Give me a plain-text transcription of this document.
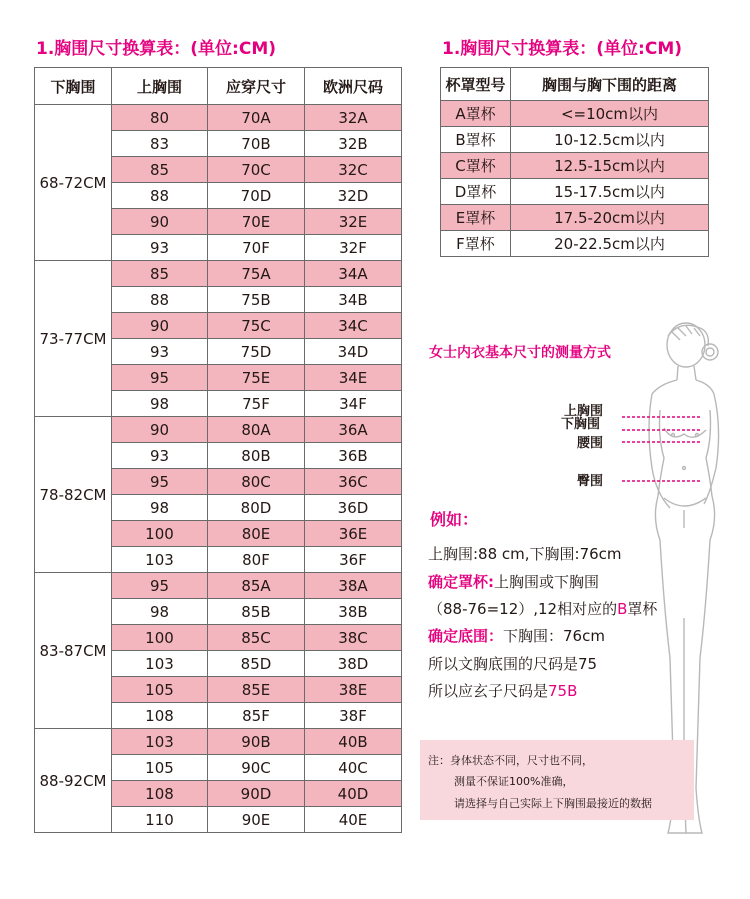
1.胸围尺寸换算表：(单位:CM)	1.胸围尺寸换算表：(单位:CM)
下胸围	上胸围	应穿尺寸	欧洲尺码
68-72CM	80	70A	32A
	83	70B	32B
	85	70C	32C
	88	70D	32D
	90	70E	32E
	93	70F	32F
73-77CM	85	75A	34A
	88	75B	34B
	90	75C	34C
	93	75D	34D
	95	75E	34E
	98	75F	34F
78-82CM	90	80A	36A
	93	80B	36B
	95	80C	36C
	98	80D	36D
	100	80E	36E
	103	80F	36F
83-87CM	95	85A	38A
	98	85B	38B
	100	85C	38C
	103	85D	38D
	105	85E	38E
	108	85F	38F
88-92CM	103	90B	40B
	105	90C	40C
	108	90D	40D
	110	90E	40E
杯罩型号	胸围与胸下围的距离
A罩杯	<=10cm以内
B罩杯	10-12.5cm以内
C罩杯	12.5-15cm以内
D罩杯	15-17.5cm以内
E罩杯	17.5-20cm以内
F罩杯	20-22.5cm以内
女士内衣基本尺寸的测量方式
上胸围
下胸围
腰围
臀围
例如：
上胸围:88 cm,下胸围:76cm
确定罩杯:上胸围或下胸围
（88-76=12）,12相对应的B罩杯
确定底围：下胸围：76cm
所以文胸底围的尺码是75
所以应玄子尺码是75B
注：身体状态不同，尺寸也不同，
测量不保证100%准确，
请选择与自己实际上下胸围最接近的数据
